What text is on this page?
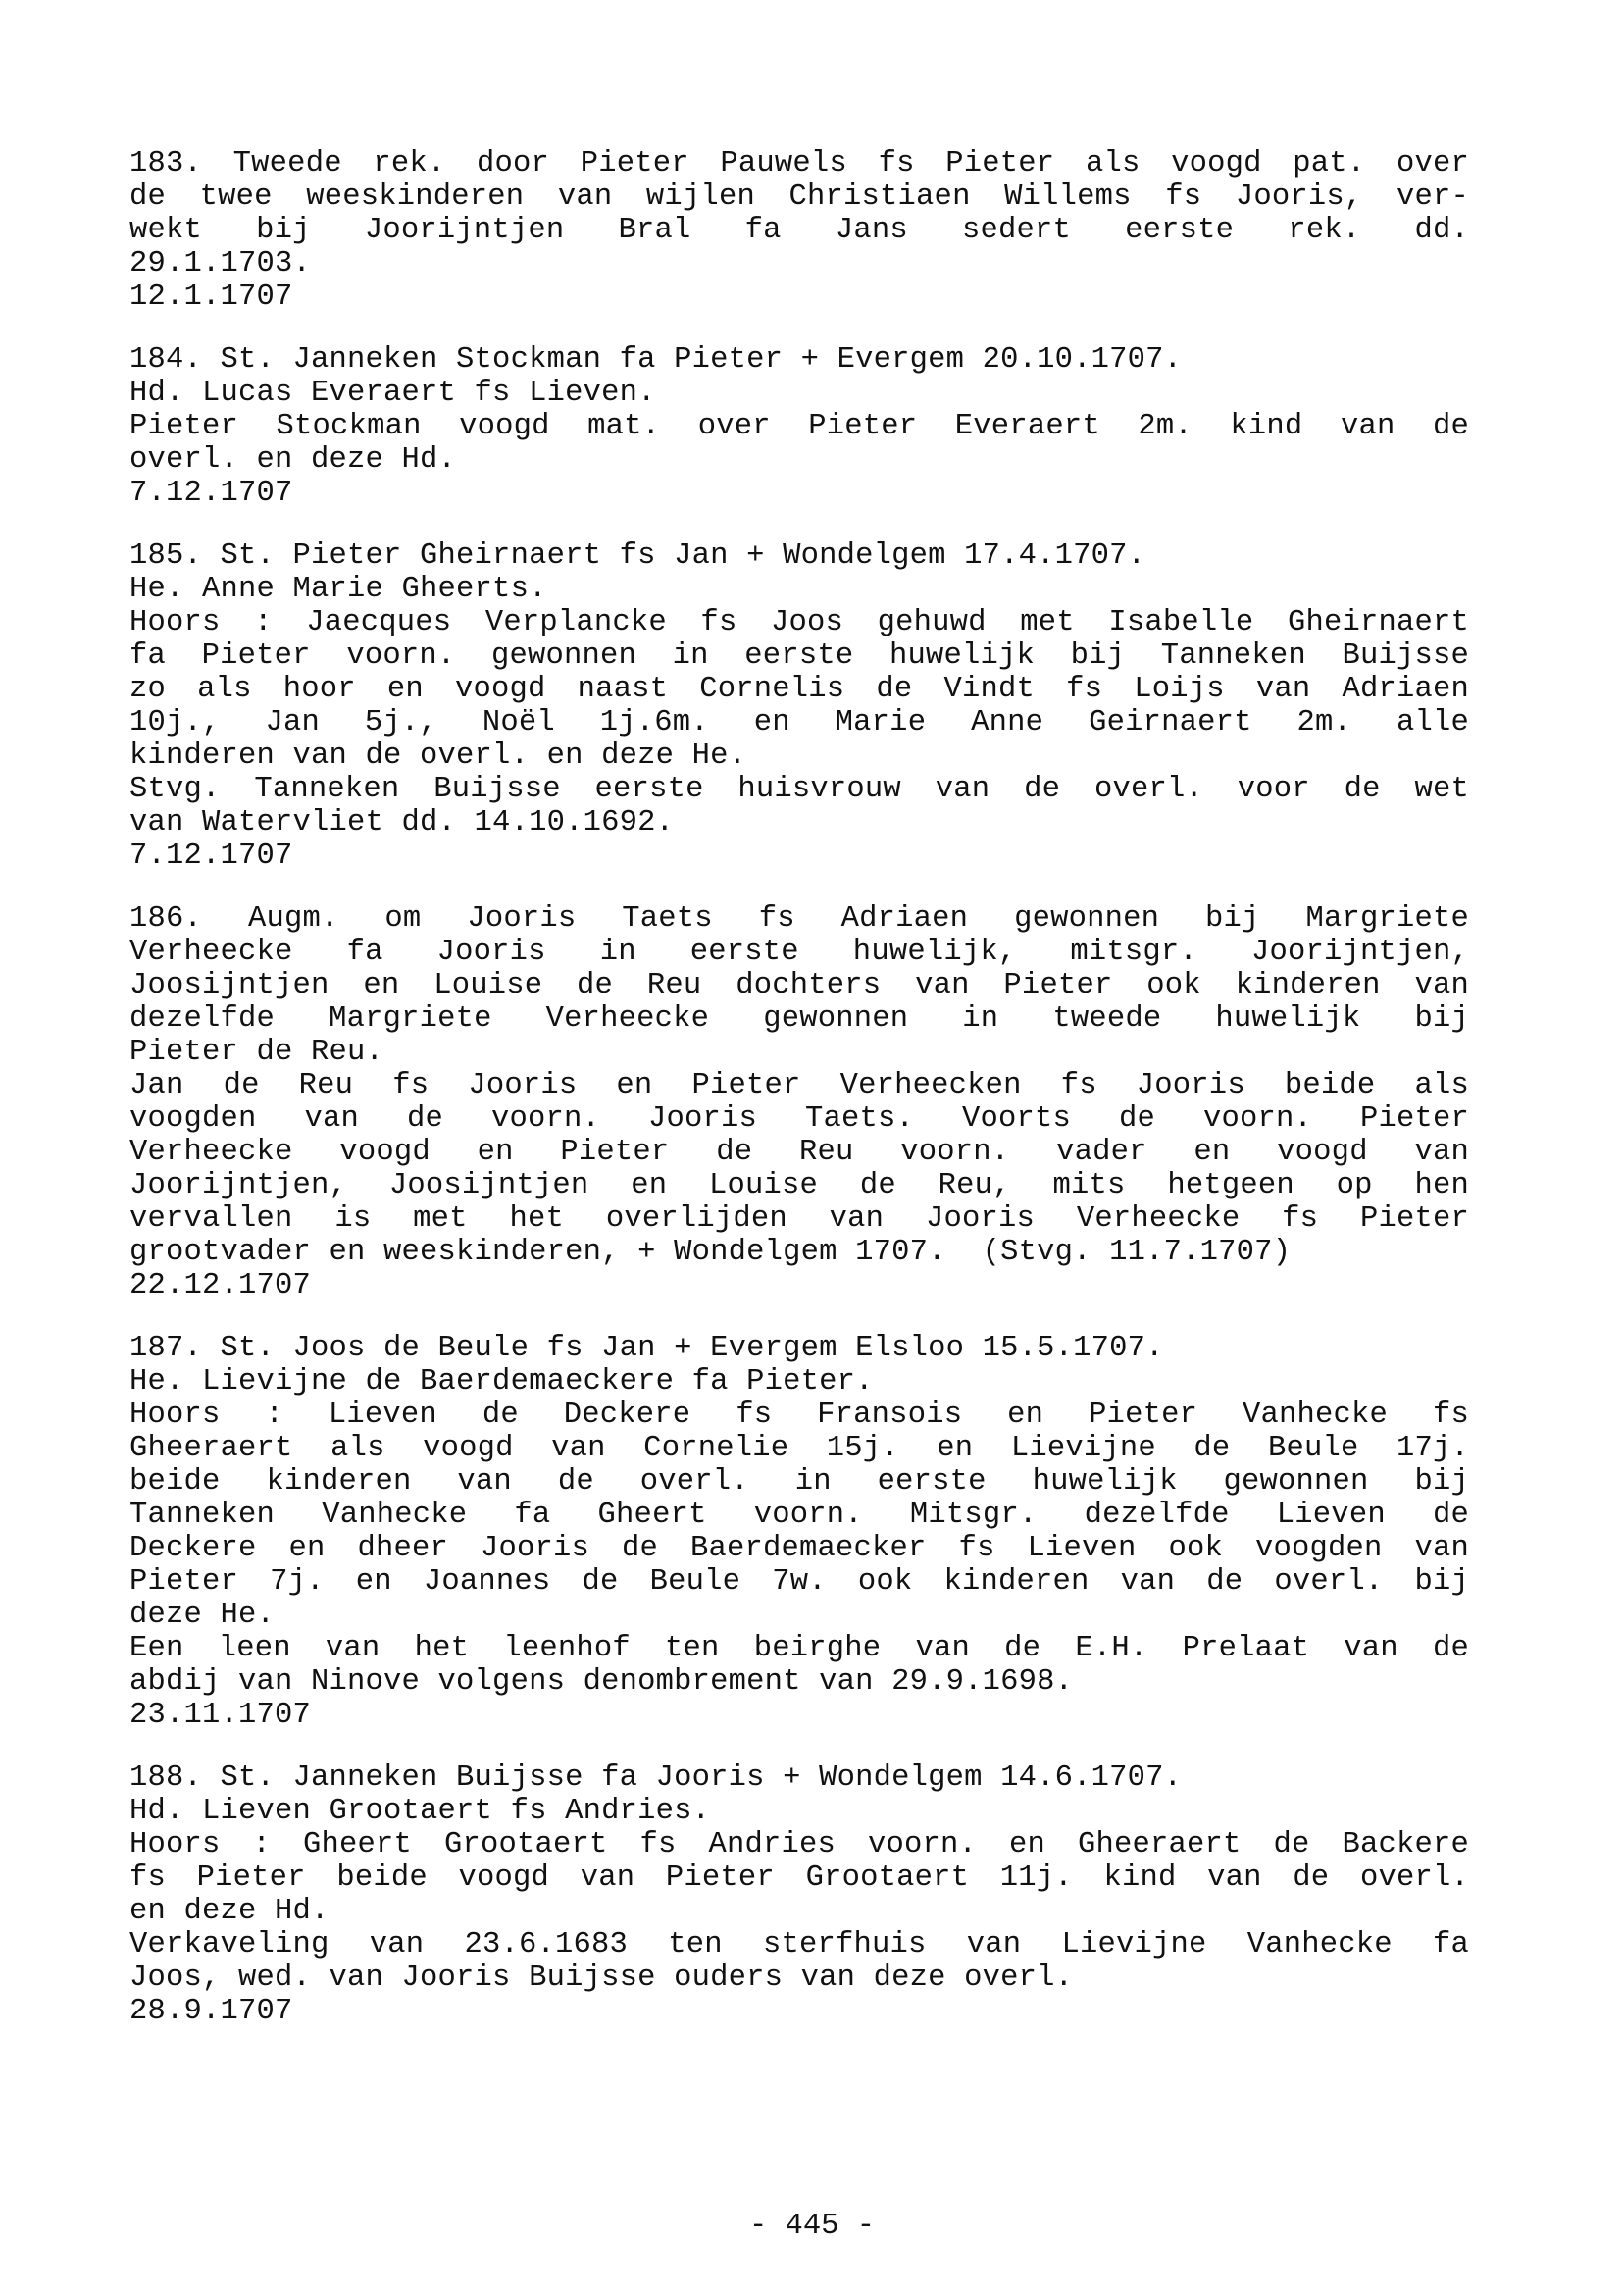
183. Tweede rek. door Pieter Pauwels fs Pieter als voogd pat. over
de twee weeskinderen van wijlen Christiaen Willems fs Jooris, ver-
wekt bij Joorijntjen Bral fa Jans sedert eerste rek. dd.
29.1.1703.
12.1.1707
184. St. Janneken Stockman fa Pieter + Evergem 20.10.1707.
Hd. Lucas Everaert fs Lieven.
Pieter Stockman voogd mat. over Pieter Everaert 2m. kind van de
overl. en deze Hd.
7.12.1707
185. St. Pieter Gheirnaert fs Jan + Wondelgem 17.4.1707.
He. Anne Marie Gheerts.
Hoors : Jaecques Verplancke fs Joos gehuwd met Isabelle Gheirnaert
fa Pieter voorn. gewonnen in eerste huwelijk bij Tanneken Buijsse
zo als hoor en voogd naast Cornelis de Vindt fs Loijs van Adriaen
10j., Jan 5j., Noël 1j.6m. en Marie Anne Geirnaert 2m. alle
kinderen van de overl. en deze He.
Stvg. Tanneken Buijsse eerste huisvrouw van de overl. voor de wet
van Watervliet dd. 14.10.1692.
7.12.1707
186. Augm. om Jooris Taets fs Adriaen gewonnen bij Margriete
Verheecke fa Jooris in eerste huwelijk, mitsgr. Joorijntjen,
Joosijntjen en Louise de Reu dochters van Pieter ook kinderen van
dezelfde Margriete Verheecke gewonnen in tweede huwelijk bij
Pieter de Reu.
Jan de Reu fs Jooris en Pieter Verheecken fs Jooris beide als
voogden van de voorn. Jooris Taets. Voorts de voorn. Pieter
Verheecke voogd en Pieter de Reu voorn. vader en voogd van
Joorijntjen, Joosijntjen en Louise de Reu, mits hetgeen op hen
vervallen is met het overlijden van Jooris Verheecke fs Pieter
grootvader en weeskinderen, + Wondelgem 1707.  (Stvg. 11.7.1707)
22.12.1707
187. St. Joos de Beule fs Jan + Evergem Elsloo 15.5.1707.
He. Lievijne de Baerdemaeckere fa Pieter.
Hoors : Lieven de Deckere fs Fransois en Pieter Vanhecke fs
Gheeraert als voogd van Cornelie 15j. en Lievijne de Beule 17j.
beide kinderen van de overl. in eerste huwelijk gewonnen bij
Tanneken Vanhecke fa Gheert voorn. Mitsgr. dezelfde Lieven de
Deckere en dheer Jooris de Baerdemaecker fs Lieven ook voogden van
Pieter 7j. en Joannes de Beule 7w. ook kinderen van de overl. bij
deze He.
Een leen van het leenhof ten beirghe van de E.H. Prelaat van de
abdij van Ninove volgens denombrement van 29.9.1698.
23.11.1707
188. St. Janneken Buijsse fa Jooris + Wondelgem 14.6.1707.
Hd. Lieven Grootaert fs Andries.
Hoors : Gheert Grootaert fs Andries voorn. en Gheeraert de Backere
fs Pieter beide voogd van Pieter Grootaert 11j. kind van de overl.
en deze Hd.
Verkaveling van 23.6.1683 ten sterfhuis van Lievijne Vanhecke fa
Joos, wed. van Jooris Buijsse ouders van deze overl.
28.9.1707
- 445 -
